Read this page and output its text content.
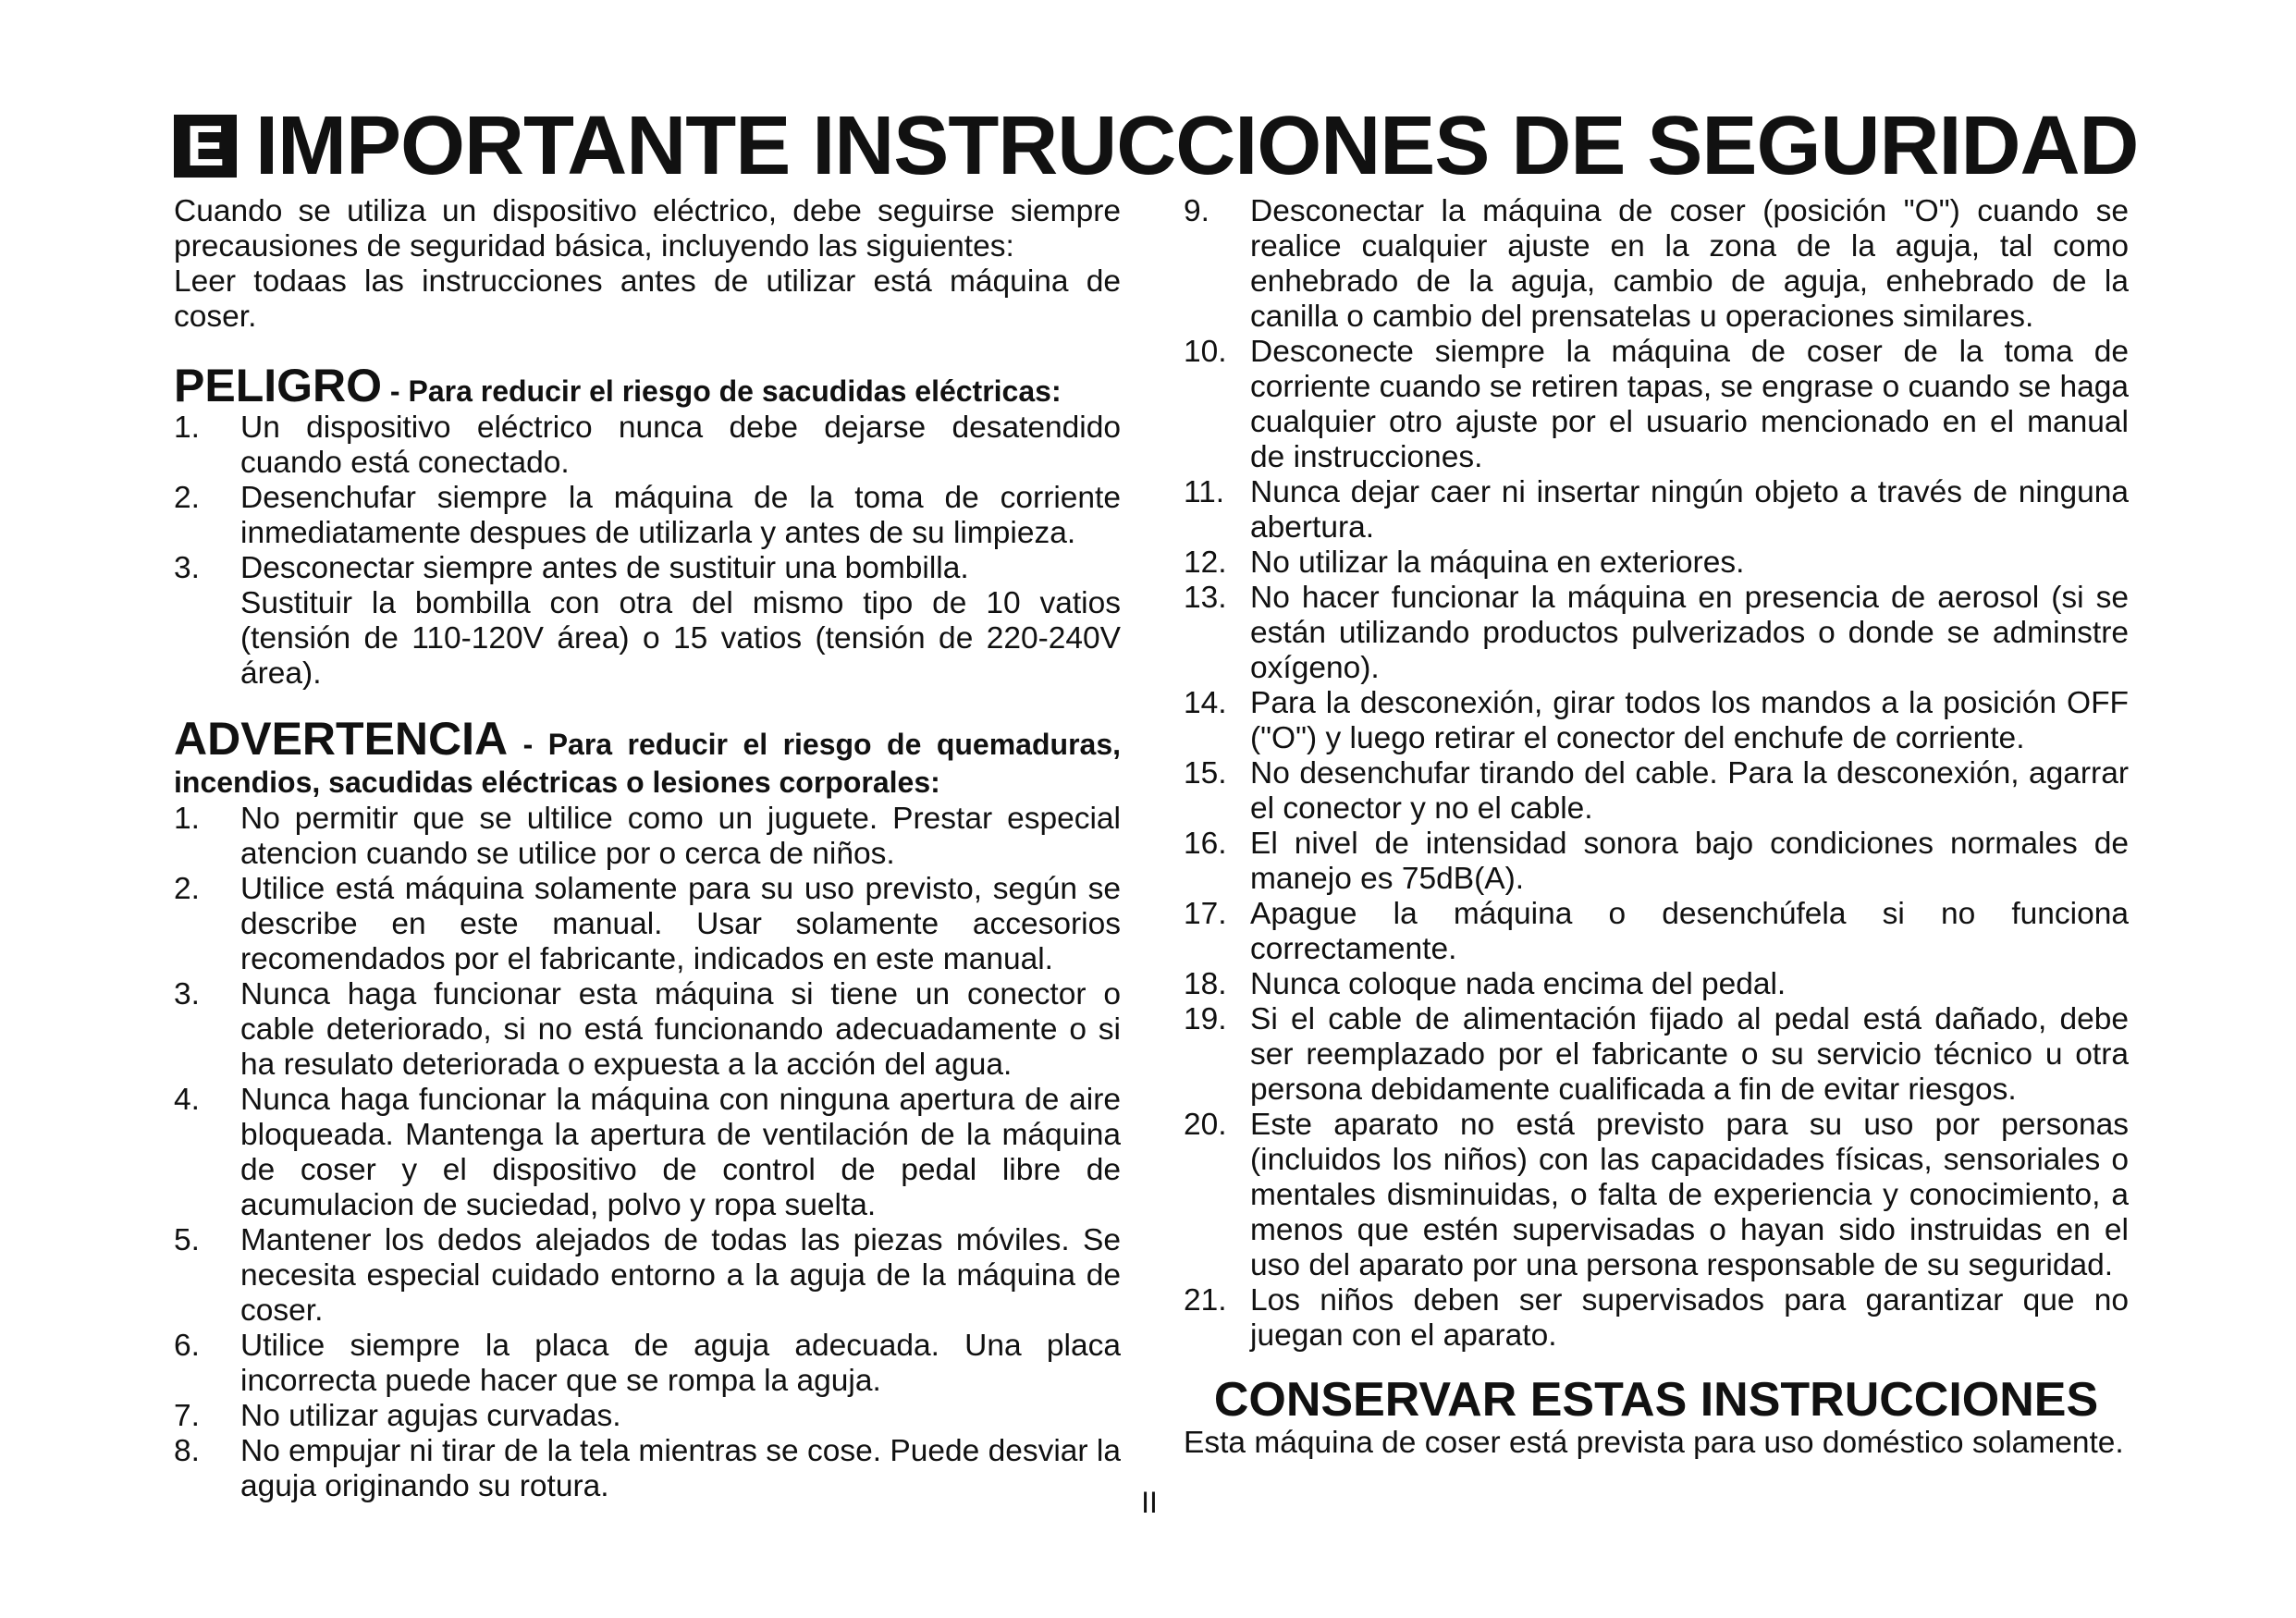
E IMPORTANTE INSTRUCCIONES DE SEGURIDAD

Cuando se utiliza un dispositivo eléctrico, debe seguirse siempre precausiones de seguridad básica, incluyendo las siguientes:

Leer todaas las instrucciones antes de utilizar está máquina de coser.

PELIGRO - Para reducir el riesgo de sacudidas eléctricas:

1.	Un dispositivo eléctrico nunca debe dejarse desatendido cuando está conectado.
2.	Desenchufar siempre la máquina de la toma de corriente inmediatamente despues de utilizarla y antes de su limpieza.
3.	Desconectar siempre antes de sustituir una bombilla.
Sustituir la bombilla con otra del mismo tipo de 10 vatios (tensión de 110-120V área) o 15 vatios (tensión de 220-240V área).

ADVERTENCIA - Para reducir el riesgo de quemaduras, incendios, sacudidas eléctricas o lesiones corporales:

1.	No permitir que se ultilice como un juguete. Prestar especial atencion cuando se utilice por o cerca de niños.
2.	Utilice está máquina solamente para su uso previsto, según se describe en este manual. Usar solamente accesorios recomendados por el fabricante, indicados en este manual.
3.	Nunca haga funcionar esta máquina si tiene un conector o cable deteriorado, si no está funcionando adecuadamente o si ha resulato deteriorada o expuesta a la acción del agua.
4.	Nunca haga funcionar la máquina con ninguna apertura de aire bloqueada. Mantenga la apertura de ventilación de la máquina de coser y el dispositivo de control de pedal libre de acumulacion de suciedad, polvo y ropa suelta.
5.	Mantener los dedos alejados de todas las piezas móviles. Se necesita especial cuidado entorno a la aguja de la máquina de coser.
6.	Utilice siempre la placa de aguja adecuada. Una placa incorrecta puede hacer que se rompa la aguja.
7.	No utilizar agujas curvadas.
8.	No empujar ni tirar de la tela mientras se cose. Puede desviar la aguja originando su rotura.
9.	Desconectar la máquina de coser (posición "O") cuando se realice cualquier ajuste en la zona de la aguja, tal como enhebrado de la aguja, cambio de aguja, enhebrado de la canilla o cambio del prensatelas u operaciones similares.
10. Desconecte siempre la máquina de coser de la toma de corriente cuando se retiren tapas, se engrase o cuando se haga cualquier otro ajuste por el usuario mencionado en el manual de instrucciones.
11. Nunca dejar caer ni insertar ningún objeto a través de ninguna abertura.
12. No utilizar la máquina en exteriores.
13. No hacer funcionar la máquina en presencia de aerosol (si se están utilizando productos pulverizados o donde se adminstre oxígeno).
14. Para la desconexión, girar todos los mandos a la posición OFF ("O") y luego retirar el conector del enchufe de corriente.
15. No desenchufar tirando del cable. Para la desconexión, agarrar el conector y no el cable.
16. El nivel de intensidad sonora bajo condiciones normales de manejo es 75dB(A).
17. Apague la máquina o desenchúfela si no funciona correctamente.
18. Nunca coloque nada encima del pedal.
19. Si el cable de alimentación fijado al pedal está dañado, debe ser reemplazado por el fabricante o su servicio técnico u otra persona debidamente cualificada a fin de evitar riesgos.
20. Este aparato no está previsto para su uso por personas (incluidos los niños) con las capacidades físicas, sensoriales o mentales disminuidas, o falta de experiencia y conocimiento, a menos que estén supervisadas o hayan sido instruidas en el uso del aparato por una persona responsable de su seguridad.
21. Los niños deben ser supervisados para garantizar que no juegan con el aparato.
CONSERVAR ESTAS INSTRUCCIONES

Esta máquina de coser está prevista para uso doméstico solamente.

II
